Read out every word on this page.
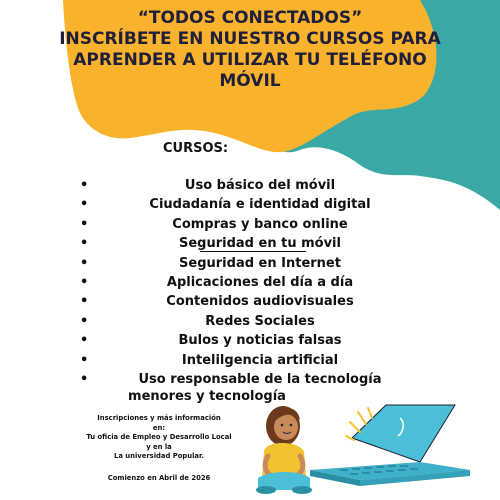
“TODOS CONECTADOS”
INSCRÍBETE EN NUESTRO CURSOS PARA
APRENDER A UTILIZAR TU TELÉFONO
MÓVIL
CURSOS:
•	Uso básico del móvil
•	Ciudadanía e identidad digital
•	Compras y banco online
•	Seguridad en tu móvil
•	Seguridad en Internet
•	Aplicaciones del día a día
•	Contenidos audiovisuales
•	Redes Sociales
•	Bulos y noticias falsas
•	Intelilgencia artificial
•	Uso responsable de la tecnología
menores y tecnología
Inscripciones y más información
en:
Tu oficia de Empleo y Desarrollo Local
y en la
La universidad Popular.
Comienzo en Abril de 2026
